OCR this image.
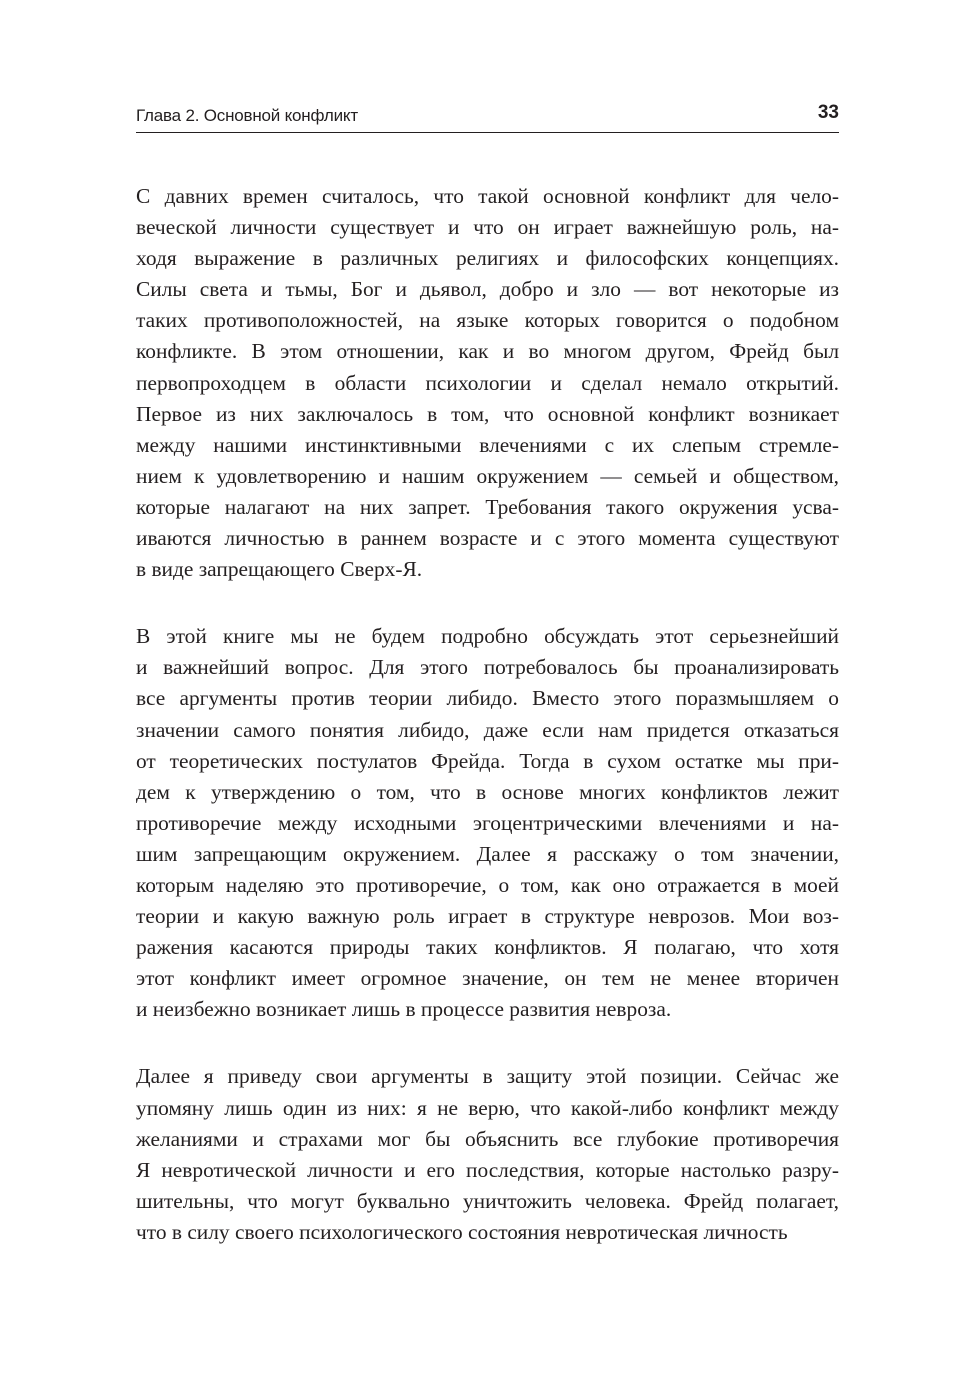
Глава 2. Основной конфликт	33
С давних времен считалось, что такой основной конфликт для чело-
веческой личности существует и что он играет важнейшую роль, на-
ходя выражение в различных религиях и философских концепциях.
Силы света и тьмы, Бог и дьявол, добро и зло — вот некоторые из
таких противоположностей, на языке которых говорится о подобном
конфликте. В этом отношении, как и во многом другом, Фрейд был
первопроходцем в области психологии и сделал немало открытий.
Первое из них заключалось в том, что основной конфликт возникает
между нашими инстинктивными влечениями с их слепым стремле-
нием к удовлетворению и нашим окружением — семьей и обществом,
которые налагают на них запрет. Требования такого окружения усва-
иваются личностью в раннем возрасте и с этого момента существуют
в виде запрещающего Сверх-Я.
В этой книге мы не будем подробно обсуждать этот серьезнейший
и важнейший вопрос. Для этого потребовалось бы проанализировать
все аргументы против теории либидо. Вместо этого поразмышляем о
значении самого понятия либидо, даже если нам придется отказаться
от теоретических постулатов Фрейда. Тогда в сухом остатке мы при-
дем к утверждению о том, что в основе многих конфликтов лежит
противоречие между исходными эгоцентрическими влечениями и на-
шим запрещающим окружением. Далее я расскажу о том значении,
которым наделяю это противоречие, о том, как оно отражается в моей
теории и какую важную роль играет в структуре неврозов. Мои воз-
ражения касаются природы таких конфликтов. Я полагаю, что хотя
этот конфликт имеет огромное значение, он тем не менее вторичен
и неизбежно возникает лишь в процессе развития невроза.
Далее я приведу свои аргументы в защиту этой позиции. Сейчас же
упомяну лишь один из них: я не верю, что какой-либо конфликт между
желаниями и страхами мог бы объяснить все глубокие противоречия
Я невротической личности и его последствия, которые настолько разру-
шительны, что могут буквально уничтожить человека. Фрейд полагает,
что в силу своего психологического состояния невротическая личность
